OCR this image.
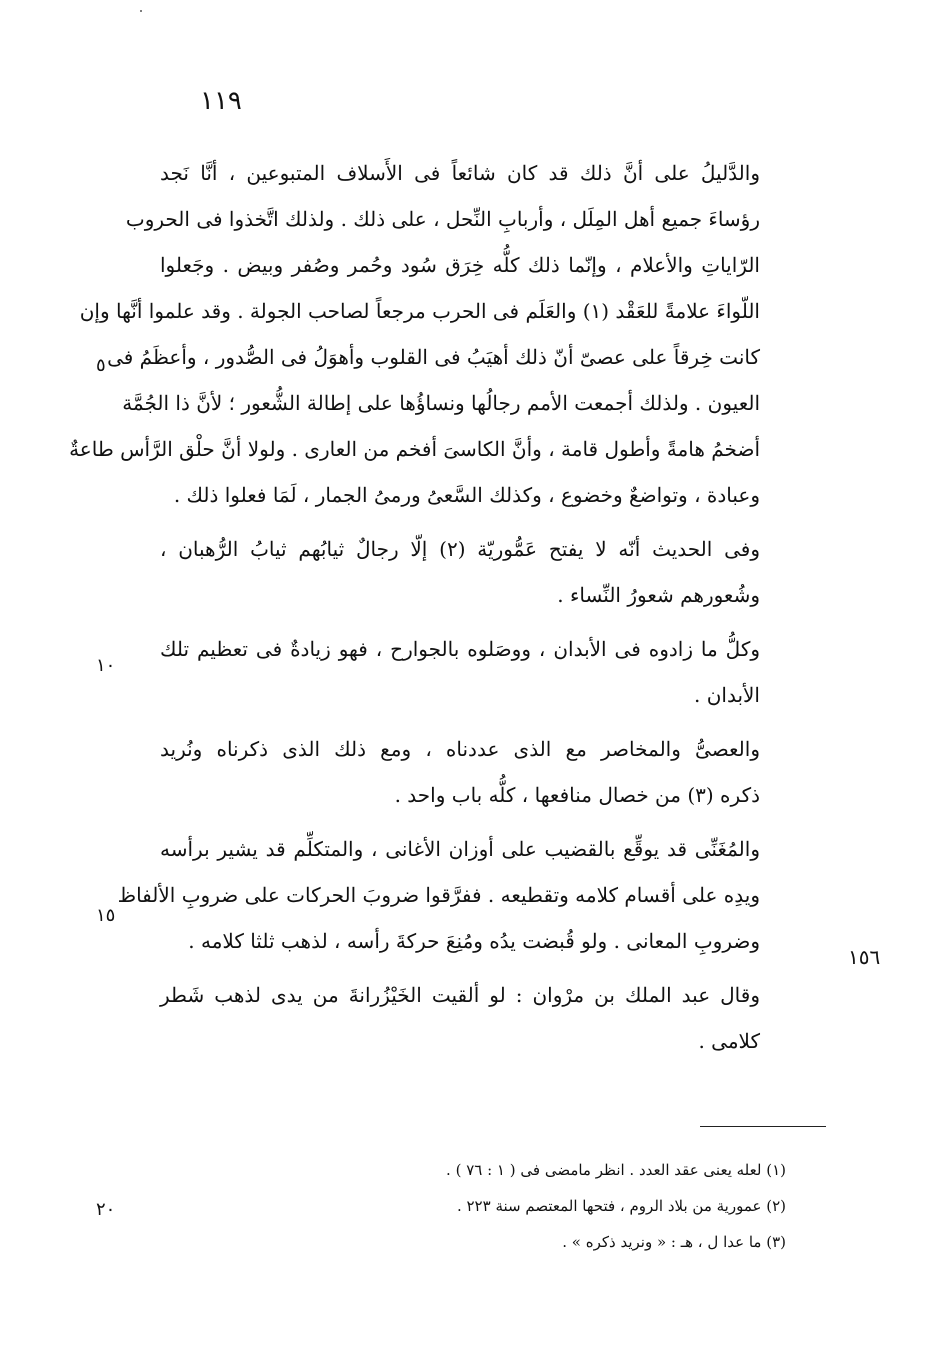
١١٩
والدَّليلُ على أنَّ ذلك قد كان شائعاً فى الأَسلاف المتبوعين ، أنَّا نَجد
رؤساءَ جميع أهل المِلَل ، وأربابِ النِّحل ، على ذلك . ولذلك اتَّخذوا فى الحروب
الرّاياتِ والأعلام ، وإنّما ذلك كلُّه خِرَق سُود وحُمر وصُفر وبيض . وجَعلوا
اللّواءَ علامةً للعَقْد (١) والعَلَم فى الحرب مرجعاً لصاحب الجولة . وقد علموا أنَّها وإن
كانت خِرقاً على عصىّ أنّ ذلك أهيَبُ فى القلوب وأهوَلُ فى الصُّدور ، وأعظَمُ فى
العيون . ولذلك أجمعت الأمم رجالُها ونساؤُها على إطالة الشُّعور ؛ لأنَّ ذا الجُمَّة
أضخمُ هامةً وأطول قامة ، وأنَّ الكاسىَ أفخم من العارى . ولولا أنَّ حلْق الرَّأس طاعةٌ
وعبادة ، وتواضعٌ وخضوع ، وكذلك السَّعىُ ورمىُ الجمار ، لَمَا فعلوا ذلك .
وفى الحديث أنّه لا يفتح عَمُّوريّة (٢) إلّا رجالٌ ثيابُهم ثيابُ الرُّهبان ،
وشُعورهم شعورُ النِّساء .
وكلُّ ما زادوه فى الأبدان ، ووصَلوه بالجوارح ، فهو زيادةٌ فى تعظيم تلك
الأبدان .
والعصىُّ والمخاصر مع الذى عددناه ، ومع ذلك الذى ذكرناه ونُريد
ذكره (٣) من خصال منافعها ، كلُّه باب واحد .
والمُغَنِّى قد يوقِّع بالقضيب على أوزان الأغانى ، والمتكلِّم قد يشير برأسه
ويدِه على أقسام كلامه وتقطيعه . ففرَّقوا ضروبَ الحركات على ضروبِ الألفاظ
وضروبِ المعانى . ولو قُبضت يدُه ومُنِعَ حركةَ رأسه ، لذهب ثلثا كلامه .
وقال عبد الملك بن مرْوان : لو ألقيت الخَيْزُرانةَ من يدى لذهب شَطر
كلامى .
٥
١٠
١٥
٢٠
١٥٦
(١) لعله يعنى عقد العدد . انظر مامضى فى ( ١ : ٧٦ ) .
(٢) عمورية من بلاد الروم ، فتحها المعتصم سنة ٢٢٣ .
(٣) ما عدا ل ، هـ : « ونريد ذكره » .
